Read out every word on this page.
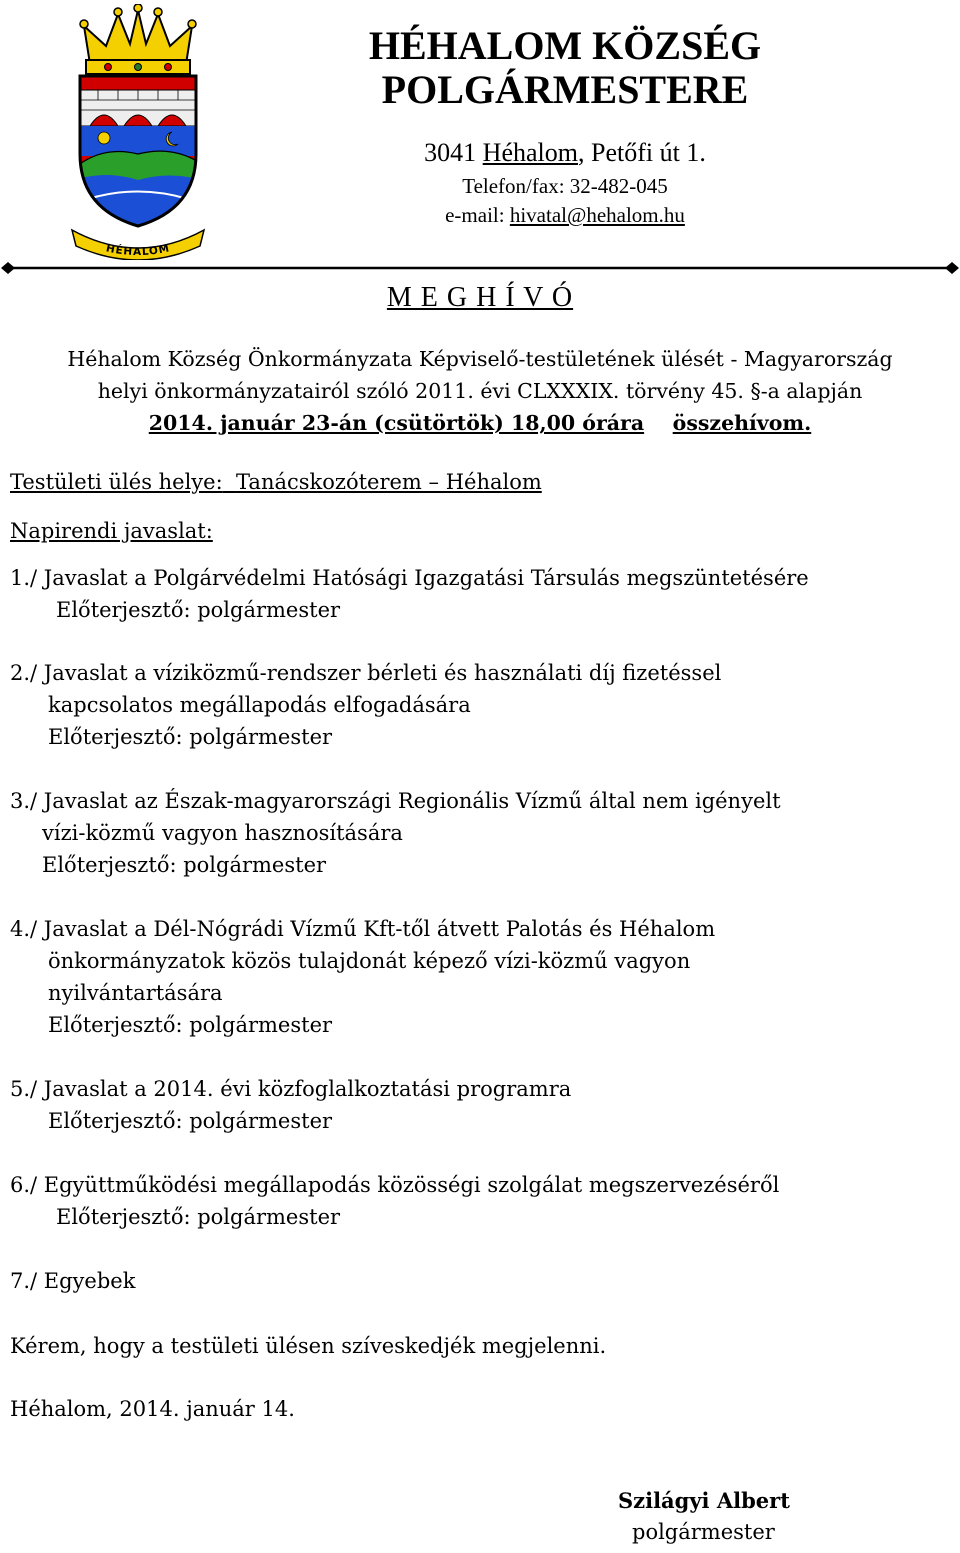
HÉHALOM
HÉHALOM KÖZSÉG
POLGÁRMESTERE
3041 Héhalom, Petőfi út 1.
Telefon/fax: 32-482-045
e-mail: hivatal@hehalom.hu
M E G H Í V Ó
Héhalom Község Önkormányzata Képviselő-testületének ülését - Magyarország
helyi önkormányzatairól szóló 2011. évi CLXXXIX. törvény 45. §-a alapján
2014. január 23-án (csütörtök) 18,00 órára összehívom.
Testületi ülés helye: Tanácskozóterem – Héhalom
Napirendi javaslat:
1./ Javaslat a Polgárvédelmi Hatósági Igazgatási Társulás megszüntetésére
Előterjesztő: polgármester
2./ Javaslat a víziközmű-rendszer bérleti és használati díj fizetéssel
kapcsolatos megállapodás elfogadására
Előterjesztő: polgármester
3./ Javaslat az Észak-magyarországi Regionális Vízmű által nem igényelt
vízi-közmű vagyon hasznosítására
Előterjesztő: polgármester
4./ Javaslat a Dél-Nógrádi Vízmű Kft-től átvett Palotás és Héhalom
önkormányzatok közös tulajdonát képező vízi-közmű vagyon
nyilvántartására
Előterjesztő: polgármester
5./ Javaslat a 2014. évi közfoglalkoztatási programra
Előterjesztő: polgármester
6./ Együttműködési megállapodás közösségi szolgálat megszervezéséről
Előterjesztő: polgármester
7./ Egyebek
Kérem, hogy a testületi ülésen szíveskedjék megjelenni.
Héhalom, 2014. január 14.
Szilágyi Albert
polgármester
